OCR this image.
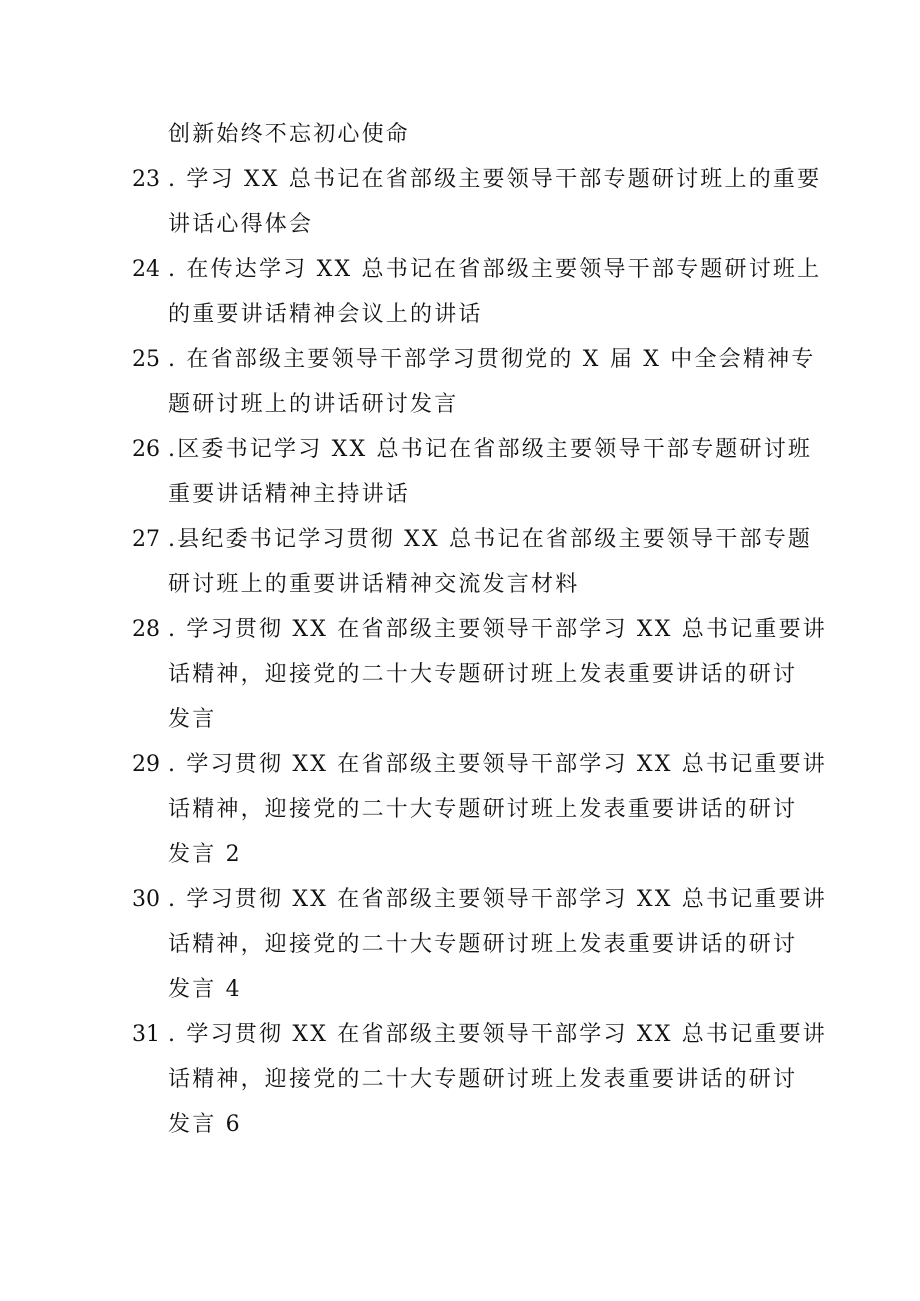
创新始终不忘初心使命
23 . 学习 XX 总书记在省部级主要领导干部专题研讨班上的重要
讲话心得体会
24 . 在传达学习 XX 总书记在省部级主要领导干部专题研讨班上
的重要讲话精神会议上的讲话
25 . 在省部级主要领导干部学习贯彻党的 X 届 X 中全会精神专
题研讨班上的讲话研讨发言
26 .区委书记学习 XX 总书记在省部级主要领导干部专题研讨班
重要讲话精神主持讲话
27 .县纪委书记学习贯彻 XX 总书记在省部级主要领导干部专题
研讨班上的重要讲话精神交流发言材料
28 . 学习贯彻 XX 在省部级主要领导干部学习 XX 总书记重要讲
话精神，迎接党的二十大专题研讨班上发表重要讲话的研讨
发言
29 . 学习贯彻 XX 在省部级主要领导干部学习 XX 总书记重要讲
话精神，迎接党的二十大专题研讨班上发表重要讲话的研讨
发言 2
30 . 学习贯彻 XX 在省部级主要领导干部学习 XX 总书记重要讲
话精神，迎接党的二十大专题研讨班上发表重要讲话的研讨
发言 4
31 . 学习贯彻 XX 在省部级主要领导干部学习 XX 总书记重要讲
话精神，迎接党的二十大专题研讨班上发表重要讲话的研讨
发言 6
